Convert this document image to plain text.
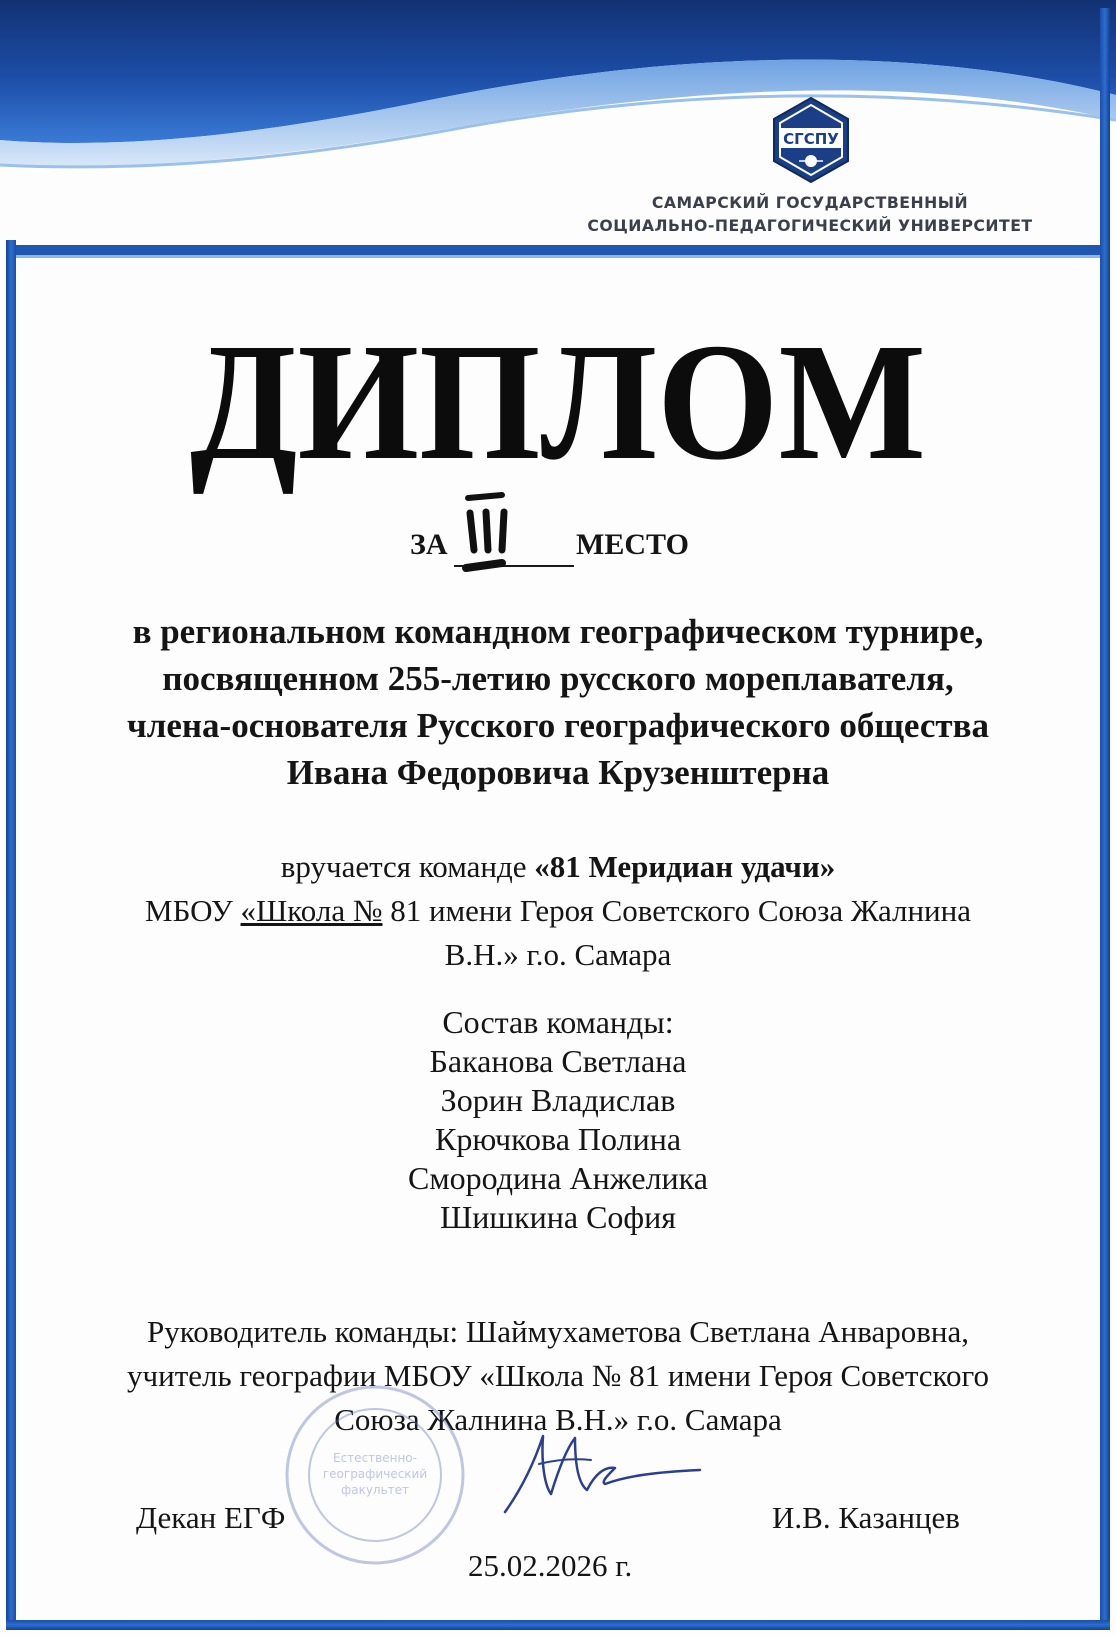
СГСПУ
САМАРСКИЙ ГОСУДАРСТВЕННЫЙ
СОЦИАЛЬНО-ПЕДАГОГИЧЕСКИЙ УНИВЕРСИТЕТ
ДИПЛОМ
ЗА	МЕСТО
в региональном командном географическом турнире,
посвященном 255-летию русского мореплавателя,
члена-основателя Русского географического общества
Ивана Федоровича Крузенштерна
вручается команде «81 Меридиан удачи»
МБОУ «Школа № 81 имени Героя Советского Союза Жалнина
В.Н.» г.о. Самара
Состав команды:
Баканова Светлана
Зорин Владислав
Крючкова Полина
Смородина Анжелика
Шишкина София
Руководитель команды: Шаймухаметова Светлана Анваровна,
учитель географии МБОУ «Школа № 81 имени Героя Советского
Союза Жалнина В.Н.» г.о. Самара
Естественно-
географический
факультет
Декан ЕГФ	И.В. Казанцев
25.02.2026 г.
